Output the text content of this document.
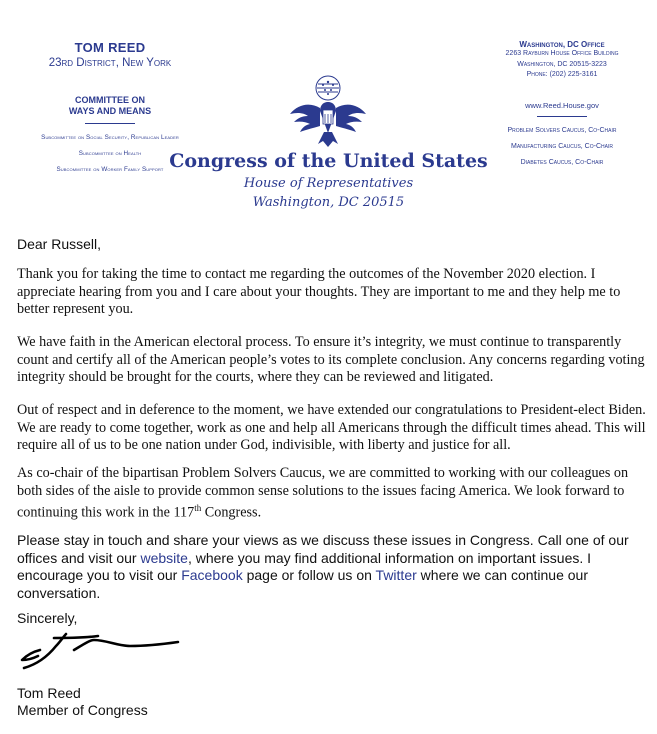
TOM REED
23rd District, New York
COMMITTEE ON
WAYS AND MEANS
Subcommittee on Social Security, Republican Leader
Subcommittee on Health
Subcommittee on Worker Family Support
Washington, DC Office
2263 Rayburn House Office Building
Washington, DC 20515-3223
Phone: (202) 225-3161
www.Reed.House.gov
Problem Solvers Caucus, Co-Chair
Manufacturing Caucus, Co-Chair
Diabetes Caucus, Co-Chair
Congress of the United States
House of Representatives
Washington, DC 20515
Dear Russell,
Thank you for taking the time to contact me regarding the outcomes of the November 2020 election. I appreciate hearing from you and I care about your thoughts. They are important to me and they help me to better represent you.
We have faith in the American electoral process. To ensure it’s integrity, we must continue to transparently count and certify all of the American people’s votes to its complete conclusion. Any concerns regarding voting integrity should be brought for the courts, where they can be reviewed and litigated.
Out of respect and in deference to the moment, we have extended our congratulations to President-elect Biden. We are ready to come together, work as one and help all Americans through the difficult times ahead. This will require all of us to be one nation under God, indivisible, with liberty and justice for all.
As co-chair of the bipartisan Problem Solvers Caucus, we are committed to working with our colleagues on both sides of the aisle to provide common sense solutions to the issues facing America. We look forward to continuing this work in the 117th Congress.
Please stay in touch and share your views as we discuss these issues in Congress. Call one of our offices and visit our website, where you may find additional information on important issues. I encourage you to visit our Facebook page or follow us on Twitter where we can continue our conversation.
Sincerely,
Tom Reed
Member of Congress
